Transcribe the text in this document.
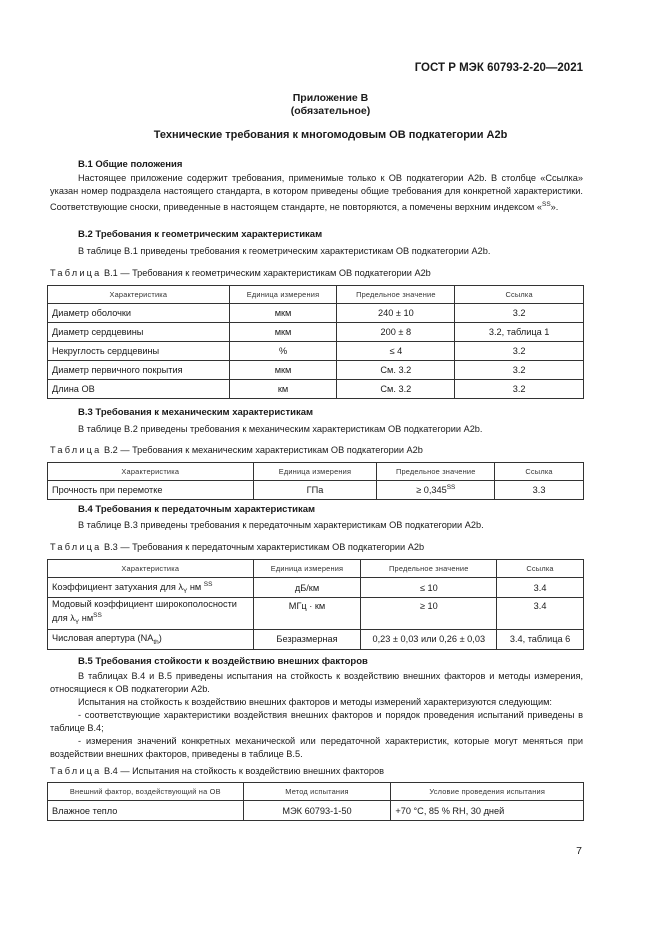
ГОСТ Р МЭК 60793-2-20—2021
Приложение В
(обязательное)
Технические требования к многомодовым ОВ подкатегории А2b
В.1 Общие положения

Настоящее приложение содержит требования, применимые только к ОВ подкатегории А2b. В столбце «Ссылка» указан номер подраздела настоящего стандарта, в котором приведены общие требования для конкретной характеристики. Соответствующие сноски, приведенные в настоящем стандарте, не повторяются, а помечены верхним индексом «$^{SS}$».

В.2 Требования к геометрическим характеристикам

В таблице В.1 приведены требования к геометрическим характеристикам ОВ подкатегории А2b.

Таблица В.1 — Требования к геометрическим характеристикам ОВ подкатегории А2b
Характеристика	Единица измерения	Предельное значение	Ссылка
Диаметр оболочки	мкм	240 ± 10	3.2
Диаметр сердцевины	мкм	200 ± 8	3.2, таблица 1
Некруглость сердцевины	%	≤ 4	3.2
Диаметр первичного покрытия	мкм	См. 3.2	3.2
Длина ОВ	км	См. 3.2	3.2
В.3 Требования к механическим характеристикам

В таблице В.2 приведены требования к механическим характеристикам ОВ подкатегории А2b.

Таблица В.2 — Требования к механическим характеристикам ОВ подкатегории А2b
Характеристика	Единица измерения	Предельное значение	Ссылка
Прочность при перемотке	ГПа	≥ $0,345^{SS}$	3.3
В.4 Требования к передаточным характеристикам

В таблице В.3 приведены требования к передаточным характеристикам ОВ подкатегории А2b.

Таблица В.3 — Требования к передаточным характеристикам ОВ подкатегории А2b
Характеристика	Единица измерения	Предельное значение	Ссылка
Коэффициент затухания для $\lambda_Y$ нм $^{SS}$	дБ/км	≤ 10	3.4
Модовый коэффициент широкополосности для $\lambda_Y$ $нм^{SS}$	МГц · км	≥ 10	3.4
Числовая апертура $(NA_{th})$	Безразмерная	0,23 ± 0,03 или 0,26 ± 0,03	3.4, таблица 6
В.5 Требования стойкости к воздействию внешних факторов

В таблицах В.4 и В.5 приведены испытания на стойкость к воздействию внешних факторов и методы измерения, относящиеся к ОВ подкатегории А2b.

Испытания на стойкость к воздействию внешних факторов и методы измерений характеризуются следующим:

- соответствующие характеристики воздействия внешних факторов и порядок проведения испытаний приведены в таблице В.4;

- измерения значений конкретных механической или передаточной характеристик, которые могут меняться при воздействии внешних факторов, приведены в таблице В.5.

Таблица В.4 — Испытания на стойкость к воздействию внешних факторов
Внешний фактор, воздействующий на ОВ	Метод испытания	Условие проведения испытания
Влажное тепло	МЭК 60793-1-50	+70 °С, 85 % RH, 30 дней
7
